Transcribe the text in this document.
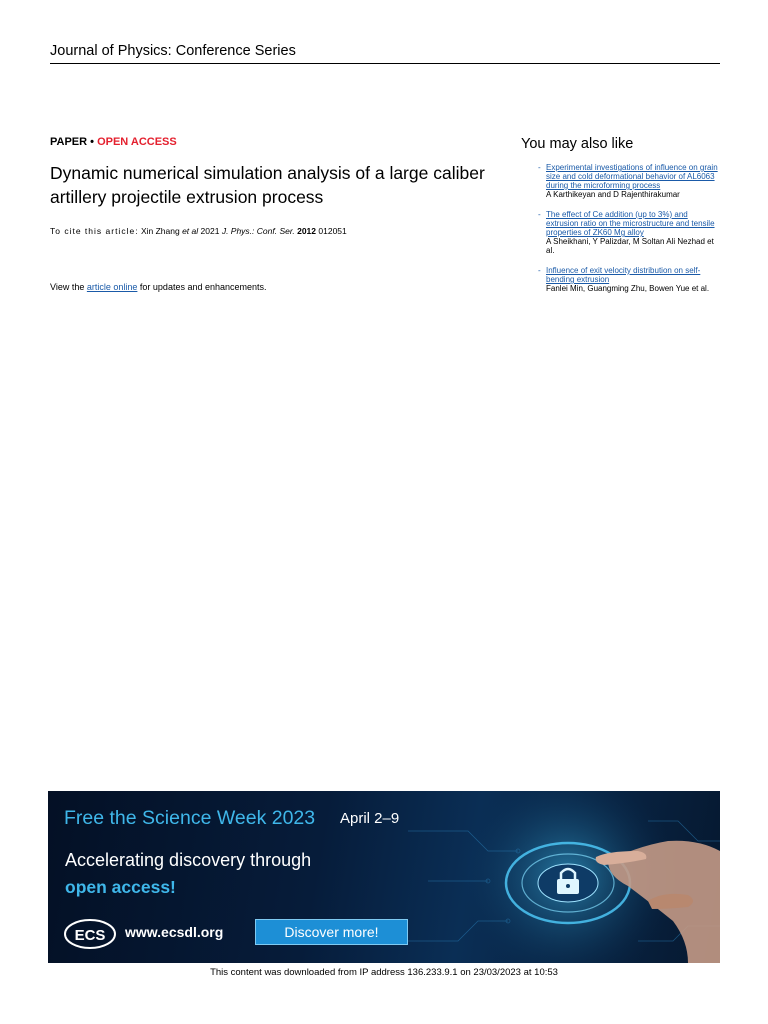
Journal of Physics: Conference Series
PAPER • OPEN ACCESS
Dynamic numerical simulation analysis of a large caliber artillery projectile extrusion process
To cite this article: Xin Zhang et al 2021 J. Phys.: Conf. Ser. 2012 012051
View the article online for updates and enhancements.
You may also like
- Experimental investigations of influence on grain size and cold deformational behavior of AL6063 during the microforming process
A Karthikeyan and D Rajenthirakumar
- The effect of Ce addition (up to 3%) and extrusion ratio on the microstructure and tensile properties of ZK60 Mg alloy
A Sheikhani, Y Palizdar, M Soltan Ali Nezhad et al.
- Influence of exit velocity distribution on self-bending extrusion
Fanlei Min, Guangming Zhu, Bowen Yue et al.
Free the Science Week 2023 April 2–9
Accelerating discovery through
open access!
ECS www.ecsdl.org	Discover more!
This content was downloaded from IP address 136.233.9.1 on 23/03/2023 at 10:53
